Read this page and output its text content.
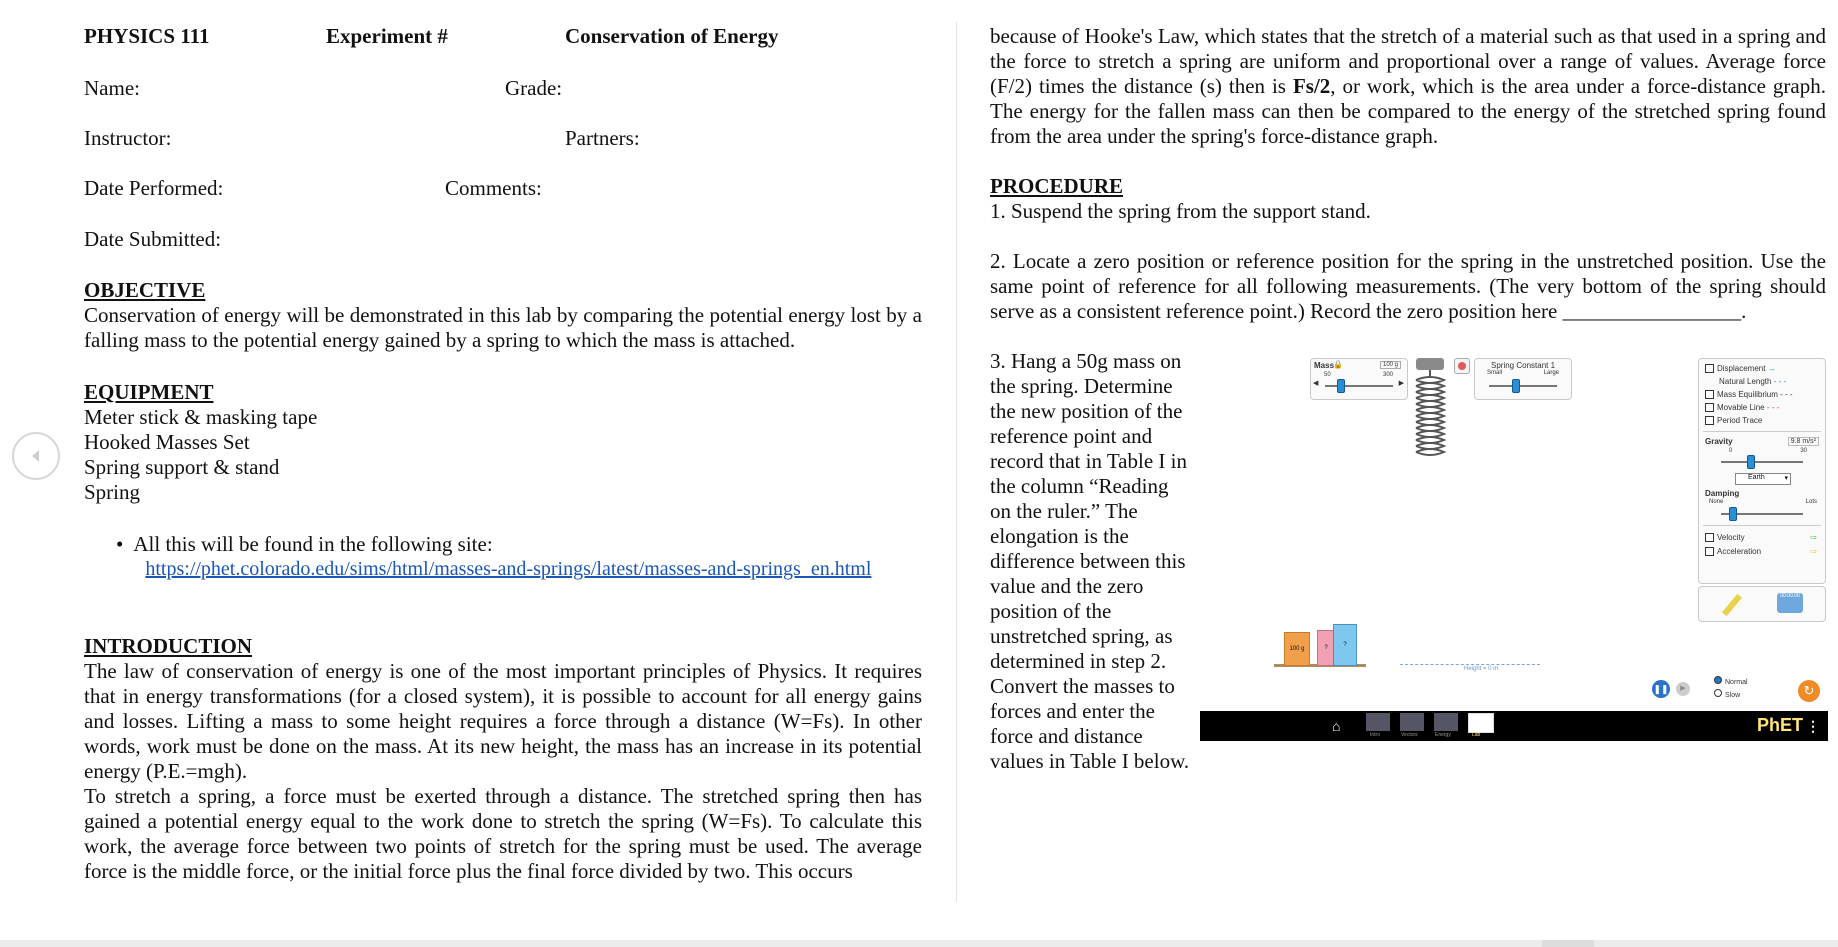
PHYSICS 111	Experiment #	Conservation of Energy
Name:	Grade:
Instructor:	Partners:
Date Performed:	Comments:
Date Submitted:
OBJECTIVE
Conservation of energy will be demonstrated in this lab by comparing the potential energy lost by a falling mass to the potential energy gained by a spring to which the mass is attached.
EQUIPMENT
Meter stick & masking tape
Hooked Masses Set
Spring support & stand
Spring
• All this will be found in the following site:
https://phet.colorado.edu/sims/html/masses-and-springs/latest/masses-and-springs_en.html
INTRODUCTION
The law of conservation of energy is one of the most important principles of Physics. It requires that in energy transformations (for a closed system), it is possible to account for all energy gains and losses. Lifting a mass to some height requires a force through a distance (W=Fs). In other words, work must be done on the mass. At its new height, the mass has an increase in its potential energy (P.E.=mgh).
To stretch a spring, a force must be exerted through a distance. The stretched spring then has gained a potential energy equal to the work done to stretch the spring (W=Fs). To calculate this work, the average force between two points of stretch for the spring must be used. The average force is the middle force, or the initial force plus the final force divided by two. This occurs
because of Hooke's Law, which states that the stretch of a material such as that used in a spring and the force to stretch a spring are uniform and proportional over a range of values. Average force (F/2) times the distance (s) then is Fs/2, or work, which is the area under a force-distance graph. The energy for the fallen mass can then be compared to the energy of the stretched spring found from the area under the spring's force-distance graph.
PROCEDURE
1. Suspend the spring from the support stand.
2. Locate a zero position or reference position for the spring in the unstretched position. Use the same point of reference for all following measurements. (The very bottom of the spring should serve as a consistent reference point.) Record the zero position here _________________.
3. Hang a 50g mass on the spring. Determine the new position of the reference point and record that in Table I in the column “Reading on the ruler.” The elongation is the difference between this value and the zero position of the unstretched spring, as determined in step 2. Convert the masses to forces and enter the force and distance values in Table I below.
Mass
🔒	100 g
50	300
◀	▶
Spring Constant 1
Small	Large	Displacement →
Natural Length - - -
Mass Equilibrium - - -
Movable Line - - -
Period Trace
Gravity	9.8 m/s²
0	30
Earth	▾
Damping
None	Lots
Velocity	⇨
Acceleration	⇨
00:00.00
100 g	?	?
Height = 0 m
❚❚	▶
Normal
Slow	↻
⌂
Intro	Vectors	Energy	Lab	PhET ⋮
